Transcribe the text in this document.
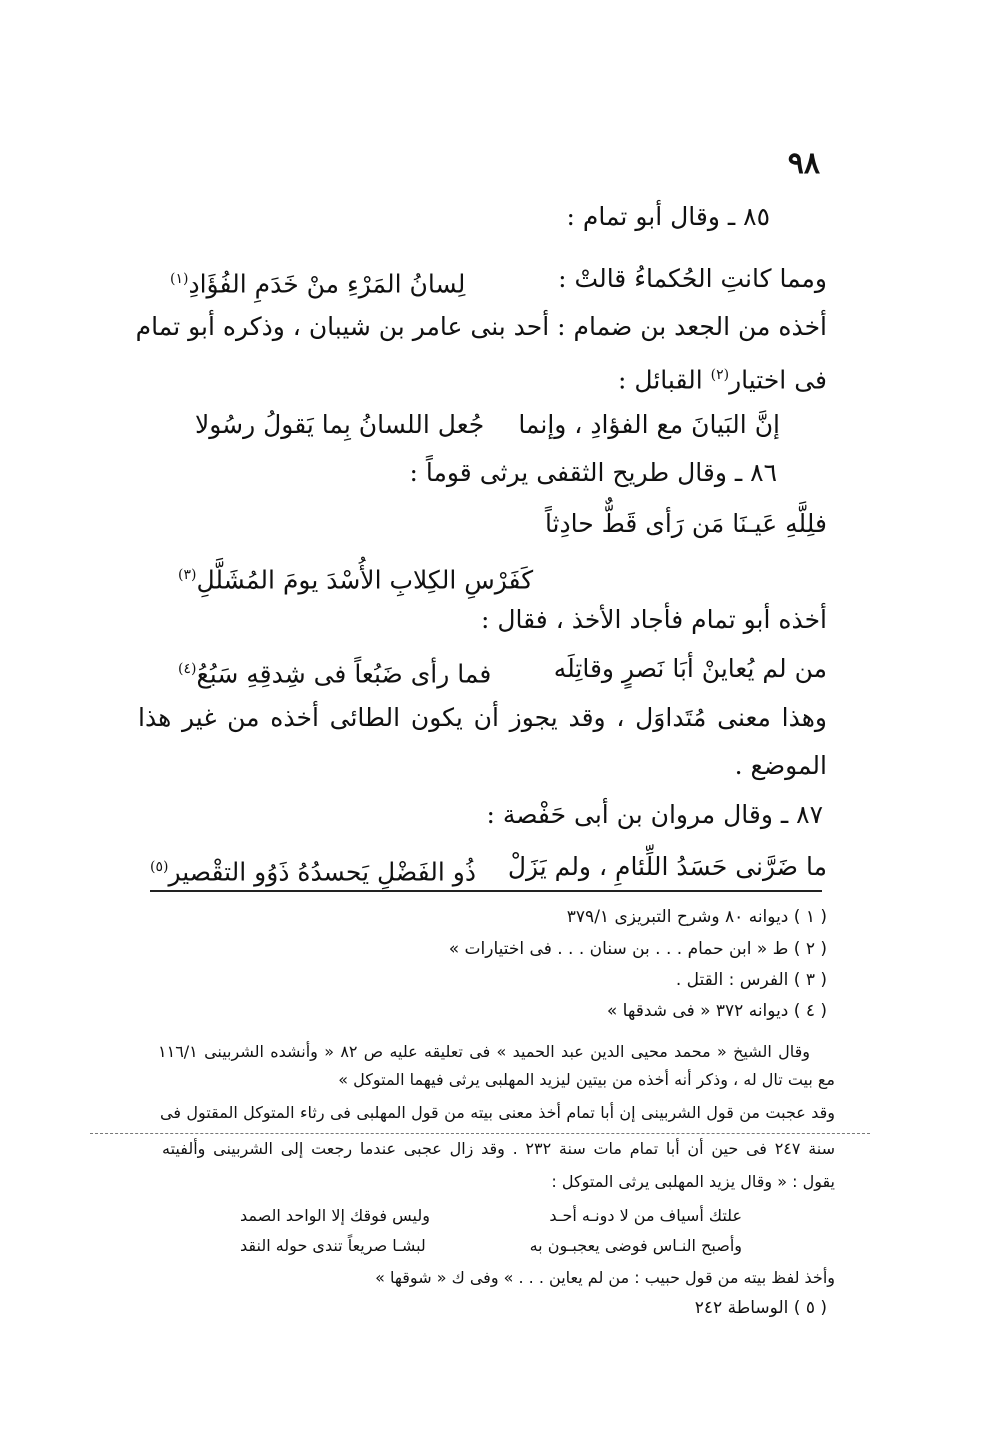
٩٨
٨٥ ـ وقال أبو تمام :
ومما كانتِ الحُكماءُ قالتْ :
لِسانُ المَرْءِ منْ خَدَمِ الفُؤَادِ$^{(١)}$
أخذه من الجعد بن ضمام : أحد بنى عامر بن شيبان ، وذكره أبو تمام
فى اختيار$^{(٢)}$ القبائل :
إنَّ البَيانَ مع الفؤادِ ، وإنما
جُعل اللسانُ بِما يَقولُ رسُولا
٨٦ ـ وقال طريح الثقفى يرثى قوماً :
فلِلَّهِ عَيـنَا مَن رَأى قَطٌّ حادِثاً
كَفَرْسِ الكِلابِ الأُسْدَ يومَ المُشَلَّلِ$^{(٣)}$
أخذه أبو تمام فأجاد الأخذ ، فقال :
من لم يُعاينْ أبَا نَصرٍ وقاتِلَه
فما رأى ضَبُعاً فى شِدقِهِ سَبُعُ$^{(٤)}$
وهذا معنى مُتَداوَل ، وقد يجوز أن يكون الطائى أخذه من غير هذا
الموضع .
٨٧ ـ وقال مروان بن أبى حَفْصة :
ما ضَرَّنى حَسَدُ اللِّئامِ ، ولم يَزَلْ
ذُو الفَضْلِ يَحسدُهُ ذَوُو التقْصير$^{(٥)}$
( ١ ) ديوانه ٨٠ وشرح التبريزى ٣٧٩/١
( ٢ ) ط « ابن حمام . . . بن سنان . . . فى اختيارات »
( ٣ ) الفرس : القتل .
( ٤ ) ديوانه ٣٧٢ « فى شدقها »
وقال الشيخ « محمد محيى الدين عبد الحميد » فى تعليقه عليه ص ٨٢ « وأنشده الشربينى ١١٦/١
مع بيت تال له ، وذكر أنه أخذه من بيتين ليزيد المهلبى يرثى فيهما المتوكل »
وقد عجبت من قول الشربينى إن أبا تمام أخذ معنى بيته من قول المهلبى فى رثاء المتوكل المقتول فى
سنة ٢٤٧ فى حين أن أبا تمام مات سنة ٢٣٢ . وقد زال عجبى عندما رجعت إلى الشربينى وألفيته
يقول : « وقال يزيد المهلبى يرثى المتوكل :
علتك أسياف من لا دونـه أحـد
وليس فوقك إلا الواحد الصمد
وأصبح النـاس فوضى يعجبـون به
لبشـا صريعاً تندى حوله النقد
وأخذ لفظ بيته من قول حبيب : من لم يعاين . . . » وفى ك « شوقها »
( ٥ ) الوساطة ٢٤٢
